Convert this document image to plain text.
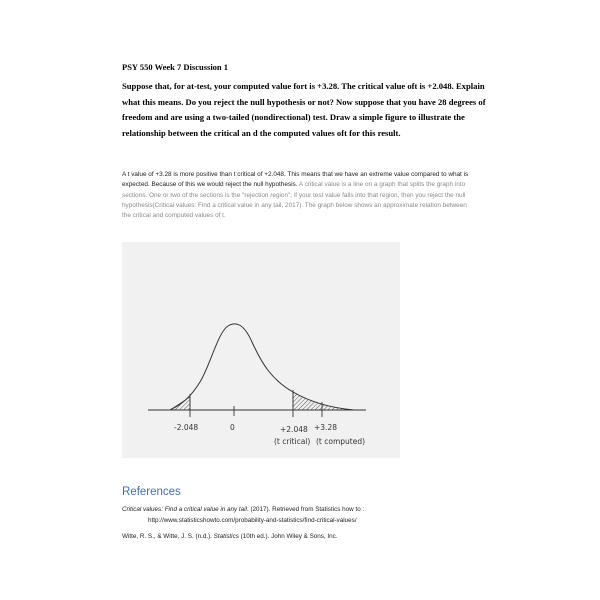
PSY 550 Week 7 Discussion 1
Suppose that, for at-test, your computed value fort is +3.28. The critical value oft is +2.048. Explain what this means. Do you reject the null hypothesis or not? Now suppose that you have 28 degrees of freedom and are using a two-tailed (nondirectional) test. Draw a simple figure to illustrate the relationship between the critical an d the computed values oft for this result.
A t value of +3.28 is more positive than t critical of +2.048. This means that we have an extreme value compared to what is expected. Because of this we would reject the null hypothesis. A critical value is a line on a graph that splits the graph into sections. One or two of the sections is the "rejection region"; if your test value falls into that region, then you reject the null hypothesis(Critical values: Find a critical value in any tail, 2017). The graph below shows an approximate relation between the critical and computed values of t.
-2.048	0	+2.048 +3.28
(t critical) (t computed)
References
Critical values: Find a critical value in any tail. (2017). Retrieved from Statistics how to :
http://www.statisticshowto.com/probability-and-statistics/find-critical-values/
Witte, R. S., & Witte, J. S. (n.d.). Statistics (10th ed.). John Wiley & Sons, Inc.
